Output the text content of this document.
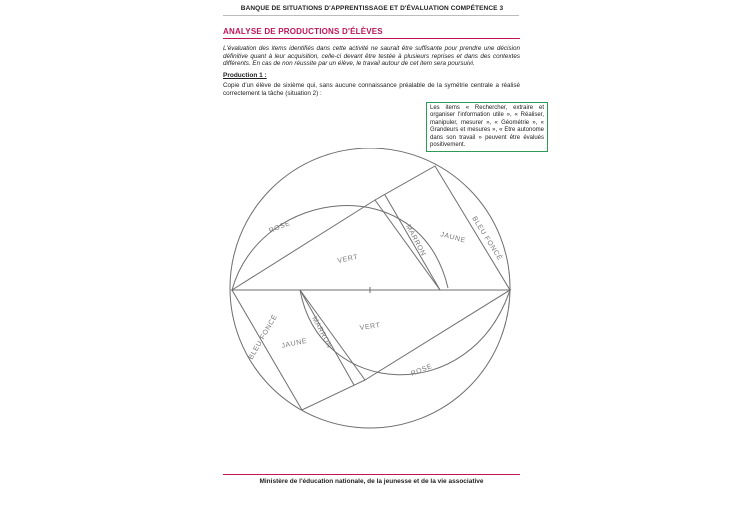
BANQUE DE SITUATIONS D'APPRENTISSAGE ET D'ÉVALUATION COMPÉTENCE 3
ANALYSE DE PRODUCTIONS D'ÉLÈVES
L'évaluation des items identifiés dans cette activité ne saurait être suffisante pour prendre une décision définitive quant à leur acquisition, celle-ci devant être testée à plusieurs reprises et dans des contextes différents. En cas de non réussite par un élève, le travail autour de cet item sera poursuivi.
Production 1 :
Copie d'un élève de sixième qui, sans aucune connaissance préalable de la symétrie centrale a réalisé correctement la tâche (situation 2) :
Les items « Rechercher, extraire et organiser l'information utile », « Réaliser, manipuler, mesurer », « Géométrie », « Grandeurs et mesures », « Etre autonome dans son travail » peuvent être évalués positivement.
ROSE
VERT
MARRON JAUNE BLEU FONCÉ
BLEU FONCÉ JAUNE MARRON	VERT
ROSE
Ministère de l'éducation nationale, de la jeunesse et de la vie associative
